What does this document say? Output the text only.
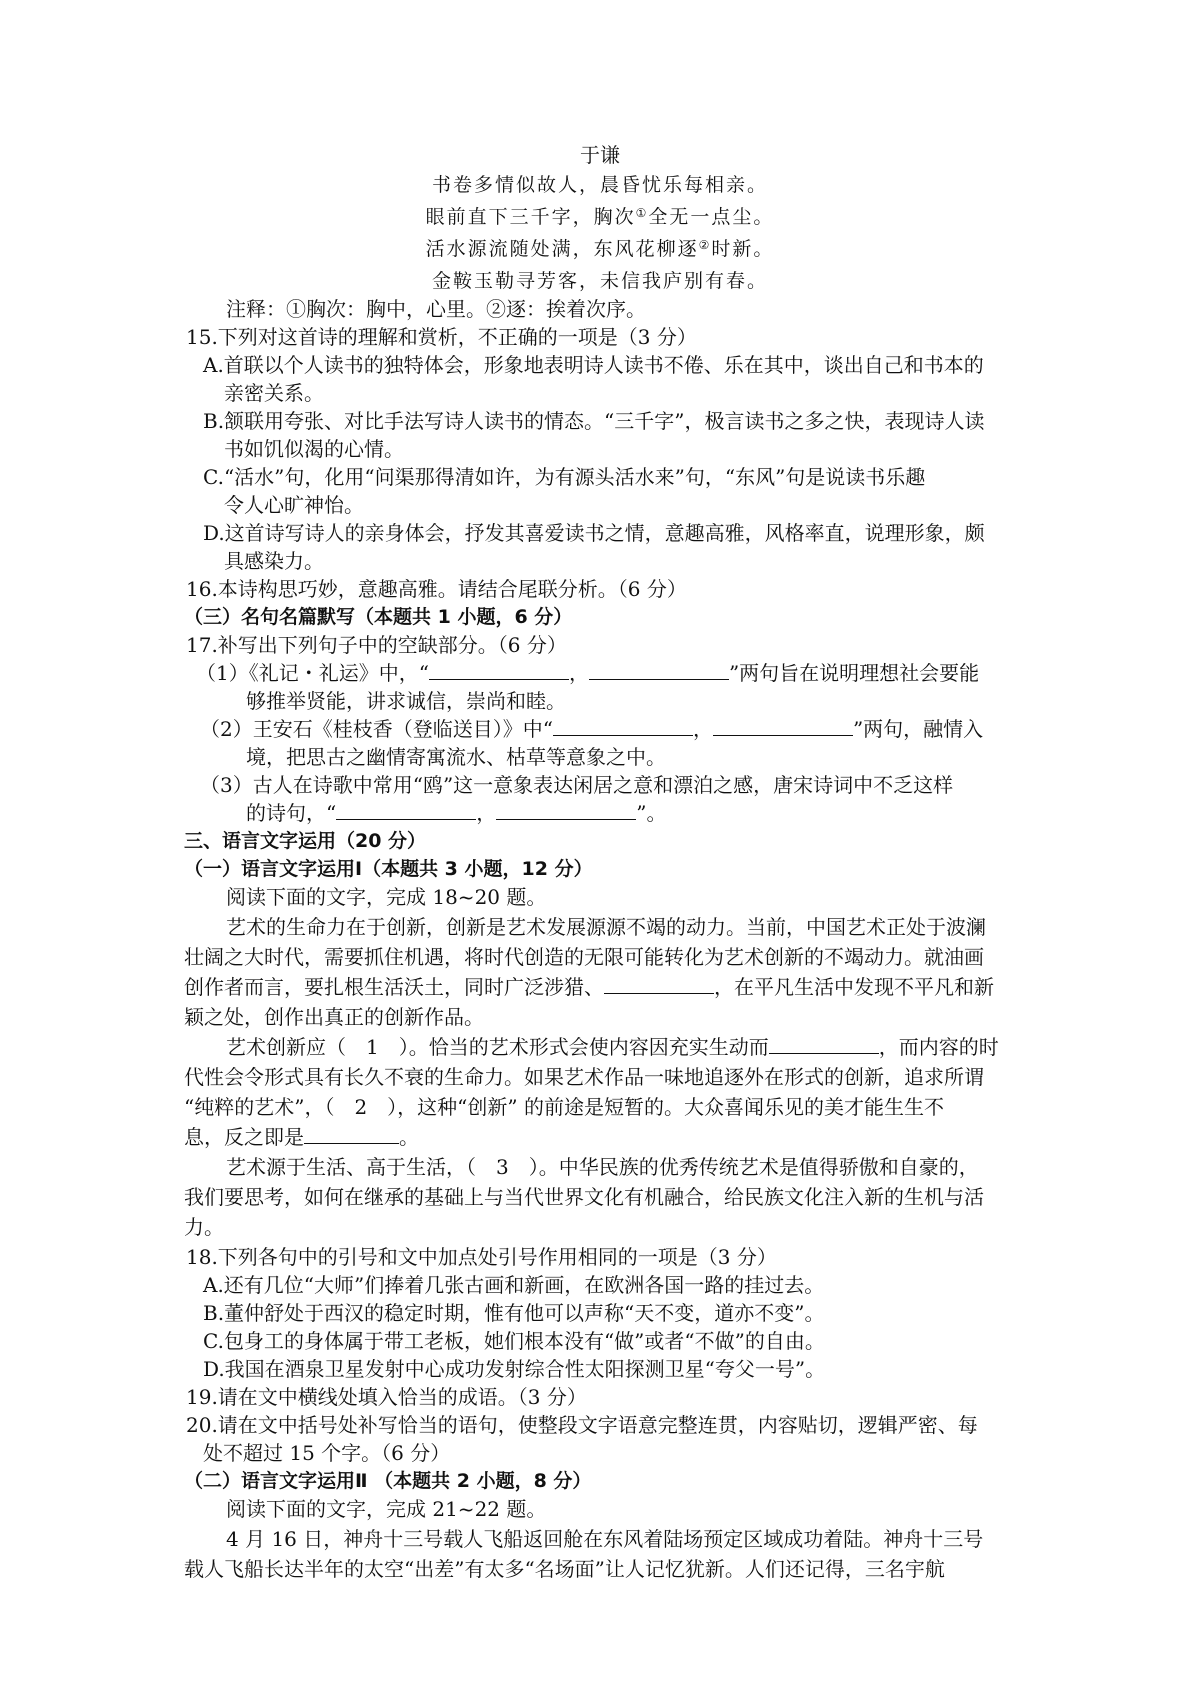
于谦
书卷多情似故人，晨昏忧乐每相亲。
眼前直下三千字，胸次①全无一点尘。
活水源流随处满，东风花柳逐②时新。
金鞍玉勒寻芳客，未信我庐别有春。
注释：①胸次：胸中，心里。②逐：挨着次序。
15.下列对这首诗的理解和赏析，不正确的一项是（3 分）
A.首联以个人读书的独特体会，形象地表明诗人读书不倦、乐在其中，谈出自己和书本的
亲密关系。
B.颔联用夸张、对比手法写诗人读书的情态。“三千字”，极言读书之多之快，表现诗人读
书如饥似渴的心情。
C.“活水”句，化用“问渠那得清如许，为有源头活水来”句，“东风”句是说读书乐趣
令人心旷神怡。
D.这首诗写诗人的亲身体会，抒发其喜爱读书之情，意趣高雅，风格率直，说理形象，颇
具感染力。
16.本诗构思巧妙，意趣高雅。请结合尾联分析。（6 分）
（三）名句名篇默写（本题共 1 小题，6 分）
17.补写出下列句子中的空缺部分。（6 分）
（1）《礼记・礼运》中，“	，	”两句旨在说明理想社会要能
够推举贤能，讲求诚信，崇尚和睦。
（2）王安石《桂枝香（登临送目）》中“	，	”两句，融情入
境，把思古之幽情寄寓流水、枯草等意象之中。
（3）古人在诗歌中常用“鸥”这一意象表达闲居之意和漂泊之感，唐宋诗词中不乏这样
的诗句，“	，	”。
三、语言文字运用（20 分）
（一）语言文字运用Ⅰ（本题共 3 小题，12 分）
阅读下面的文字，完成 18~20 题。
艺术的生命力在于创新，创新是艺术发展源源不竭的动力。当前，中国艺术正处于波澜
壮阔之大时代，需要抓住机遇，将时代创造的无限可能转化为艺术创新的不竭动力。就油画
创作者而言，要扎根生活沃土，同时广泛涉猎、	，在平凡生活中发现不平凡和新
颖之处，创作出真正的创新作品。
艺术创新应（　1　）。恰当的艺术形式会使内容因充实生动而	，而内容的时
代性会令形式具有长久不衰的生命力。如果艺术作品一味地追逐外在形式的创新，追求所谓
“纯粹的艺术”，（　2　），这种“创新” 的前途是短暂的。大众喜闻乐见的美才能生生不
息，反之即是	。
艺术源于生活、高于生活，（　3　）。中华民族的优秀传统艺术是值得骄傲和自豪的，
我们要思考，如何在继承的基础上与当代世界文化有机融合，给民族文化注入新的生机与活
力。
18.下列各句中的引号和文中加点处引号作用相同的一项是（3 分）
A.还有几位“大师”们捧着几张古画和新画，在欧洲各国一路的挂过去。
B.董仲舒处于西汉的稳定时期，惟有他可以声称“天不变，道亦不变”。
C.包身工的身体属于带工老板，她们根本没有“做”或者“不做”的自由。
D.我国在酒泉卫星发射中心成功发射综合性太阳探测卫星“夸父一号”。
19.请在文中横线处填入恰当的成语。（3 分）
20.请在文中括号处补写恰当的语句，使整段文字语意完整连贯，内容贴切，逻辑严密、每
处不超过 15 个字。（6 分）
（二）语言文字运用Ⅱ （本题共 2 小题，8 分）
阅读下面的文字，完成 21~22 题。
4 月 16 日，神舟十三号载人飞船返回舱在东风着陆场预定区域成功着陆。神舟十三号
载人飞船长达半年的太空“出差”有太多“名场面”让人记忆犹新。人们还记得，三名宇航
